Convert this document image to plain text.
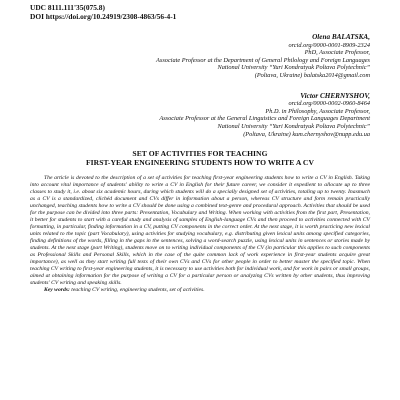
UDC 8111.111'35(075.8)
DOI https://doi.org/10.24919/2308-4863/56-4-1
Olena BALATSKA,
orcid.org/0000-0001-8909-2324
PhD, Associate Professor,
Associate Professor at the Department of General Philology and Foreign Languages
National University “Yuri Kondratyuk Poltava Polytechnic”
(Poltava, Ukraine) balatska2014@gmail.com
Victor CHERNYSHOV,
orcid.org/0000-0002-0960-8464
Ph.D. in Philosophy, Associate Professor,
Associate Professor at the General Linguistics and Foreign Languages Department
National University “Yuri Kondratyuk Poltava Polytechnic”
(Poltava, Ukraine) kum.chernyshov@nupp.edu.ua
SET OF ACTIVITIES FOR TEACHING
FIRST-YEAR ENGINEERING STUDENTS HOW TO WRITE A CV
The article is devoted to the description of a set of activities for teaching first-year engineering students how to write a CV in English. Taking into account vital importance of students' ability to write a CV in English for their future career, we consider it expedient to allocate up to three classes to study it, i.e. about six academic hours, during which students will do a specially designed set of activities, totaling up to twenty. Inasmuch as a CV is a standardized, clichéd document and CVs differ in information about a person, whereas CV structure and form remain practically unchanged, teaching students how to write a CV should be done using a combined text-genre and procedural approach. Activities that should be used for the purpose can be divided into three parts: Presentation, Vocabulary and Writing. When working with activities from the first part, Presentation, it better for students to start with a careful study and analysis of samples of English-language CVs and then proceed to activities connected with CV formatting, in particular, finding information in a CV, putting CV components in the correct order. At the next stage, it is worth practicing new lexical units related to the topic (part Vocabulary), using activities for studying vocabulary, e.g. distributing given lexical units among specified categories, finding definitions of the words, filling in the gaps in the sentences, solving a word-search puzzle, using lexical units in sentences or stories made by students. At the next stage (part Writing), students move on to writing individual components of the CV (in particular this applies to such components as Professional Skills and Personal Skills, which in the case of the quite common lack of work experience in first-year students acquire great importance), as well as they start writing full texts of their own CVs and CVs for other people in order to better master the specified topic. When teaching CV writing to first-year engineering students, it is necessary to use activities both for individual work, and for work in pairs or small groups, aimed at obtaining information for the purpose of writing a CV for a particular person or analyzing CVs written by other students, thus improving students' CV writing and speaking skills.
Key words: teaching CV writing, engineering students, set of activities.
